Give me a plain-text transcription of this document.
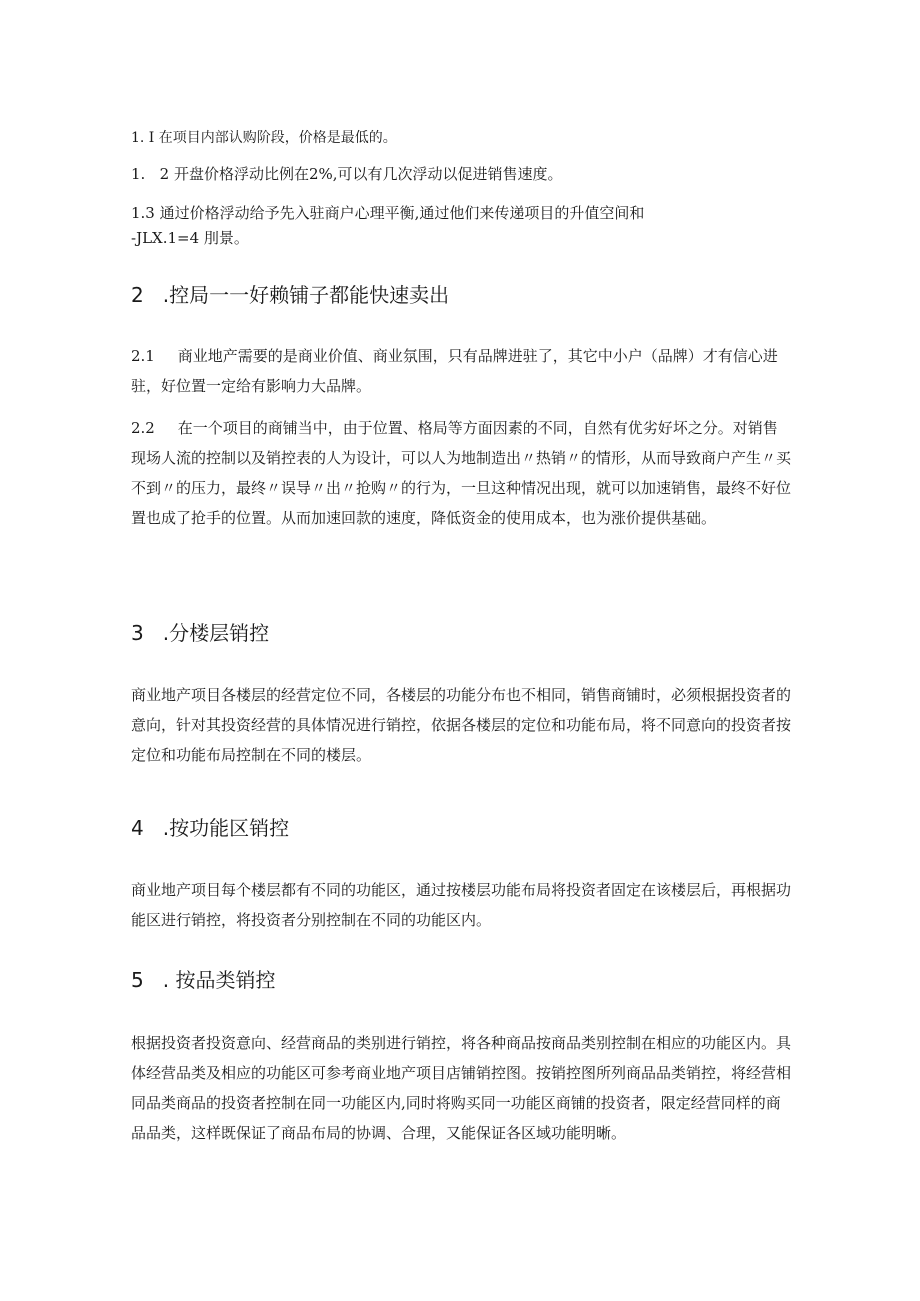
1. I 在项目内部认购阶段，价格是最低的。
1.   2 开盘价格浮动比例在2%,可以有几次浮动以促进销售速度。
1.3 通过价格浮动给予先入驻商户心理平衡,通过他们来传递项目的升值空间和
-JLX.1=4 刖景。
2   .控局一一好赖铺子都能快速卖出

2.1 商业地产需要的是商业价值、商业氛围，只有品牌进驻了，其它中小户（品牌）才有信心进驻，好位置一定给有影响力大品牌。

2.2 在一个项目的商铺当中，由于位置、格局等方面因素的不同，自然有优劣好坏之分。对销售现场人流的控制以及销控表的人为设计，可以人为地制造出〃热销〃的情形，从而导致商户产生〃买不到〃的压力，最终〃误导〃出〃抢购〃的行为，一旦这种情况出现，就可以加速销售，最终不好位置也成了抢手的位置。从而加速回款的速度，降低资金的使用成本，也为涨价提供基础。

3   .分楼层销控
商业地产项目各楼层的经营定位不同，各楼层的功能分布也不相同，销售商铺时，必须根据投资者的意向，针对其投资经营的具体情况进行销控，依据各楼层的定位和功能布局，将不同意向的投资者按定位和功能布局控制在不同的楼层。
4   .按功能区销控
商业地产项目每个楼层都有不同的功能区，通过按楼层功能布局将投资者固定在该楼层后，再根据功能区进行销控，将投资者分别控制在不同的功能区内。
5   . 按品类销控
根据投资者投资意向、经营商品的类别进行销控，将各种商品按商品类别控制在相应的功能区内。具体经营品类及相应的功能区可参考商业地产项目店铺销控图。按销控图所列商品品类销控，将经营相同品类商品的投资者控制在同一功能区内,同时将购买同一功能区商铺的投资者，限定经营同样的商品品类，这样既保证了商品布局的协调、合理，又能保证各区域功能明晰。
